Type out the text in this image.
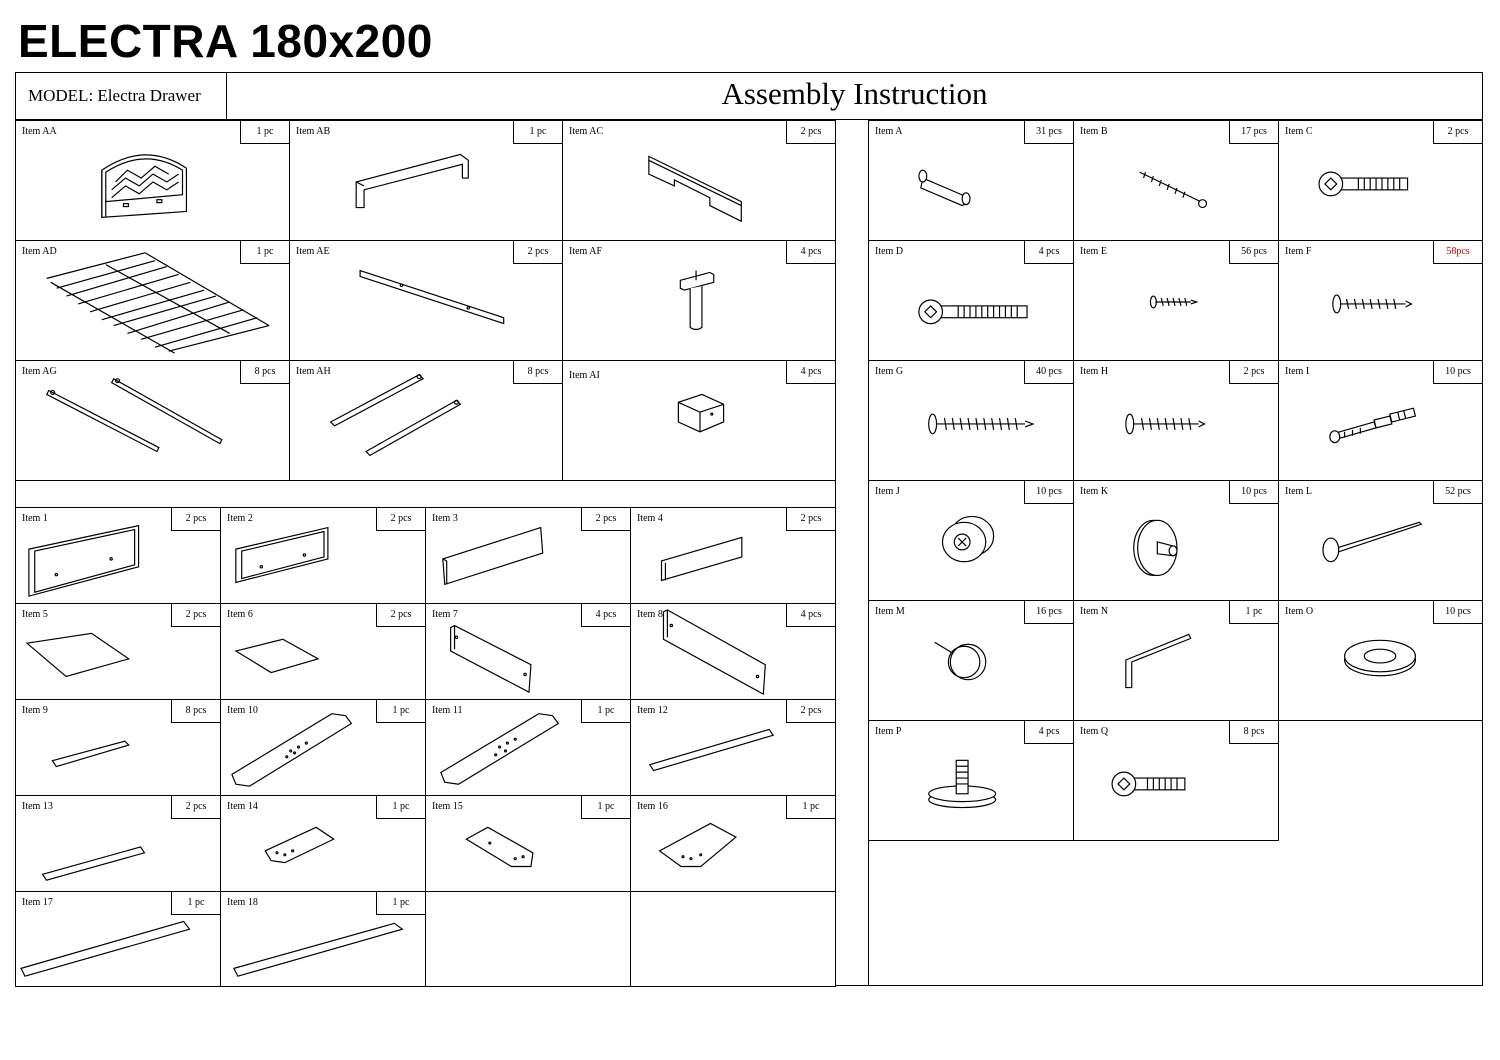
ELECTRA 180x200
MODEL: Electra Drawer	Assembly Instruction
Item AA	1 pc	Item AB	1 pc	Item AC	2 pcs
Item AD	1 pc	Item AE	2 pcs	Item AF	4 pcs
Item AG	8 pcs	Item AH	8 pcs	Item AI	4 pcs
Item 1	2 pcs	Item 2	2 pcs	Item 3	2 pcs	Item 4	2 pcs
Item 5	2 pcs	Item 6	2 pcs	Item 7	4 pcs	Item 8	4 pcs
Item 9	8 pcs	Item 10	1 pc	Item 11	1 pc	Item 12	2 pcs
Item 13	2 pcs	Item 14	1 pc	Item 15	1 pc	Item 16	1 pc
Item 17	1 pc	Item 18	1 pc
Item A	31 pcs	Item B	17 pcs	Item C	2 pcs
Item D	4 pcs	Item E	56 pcs	Item F	58pcs
Item G	40 pcs	Item H	2 pcs	Item I	10 pcs
Item J	10 pcs	Item K	10 pcs	Item L	52 pcs
Item M	16 pcs	Item N	1 pc	Item O	10 pcs
Item P	4 pcs	Item Q	8 pcs
